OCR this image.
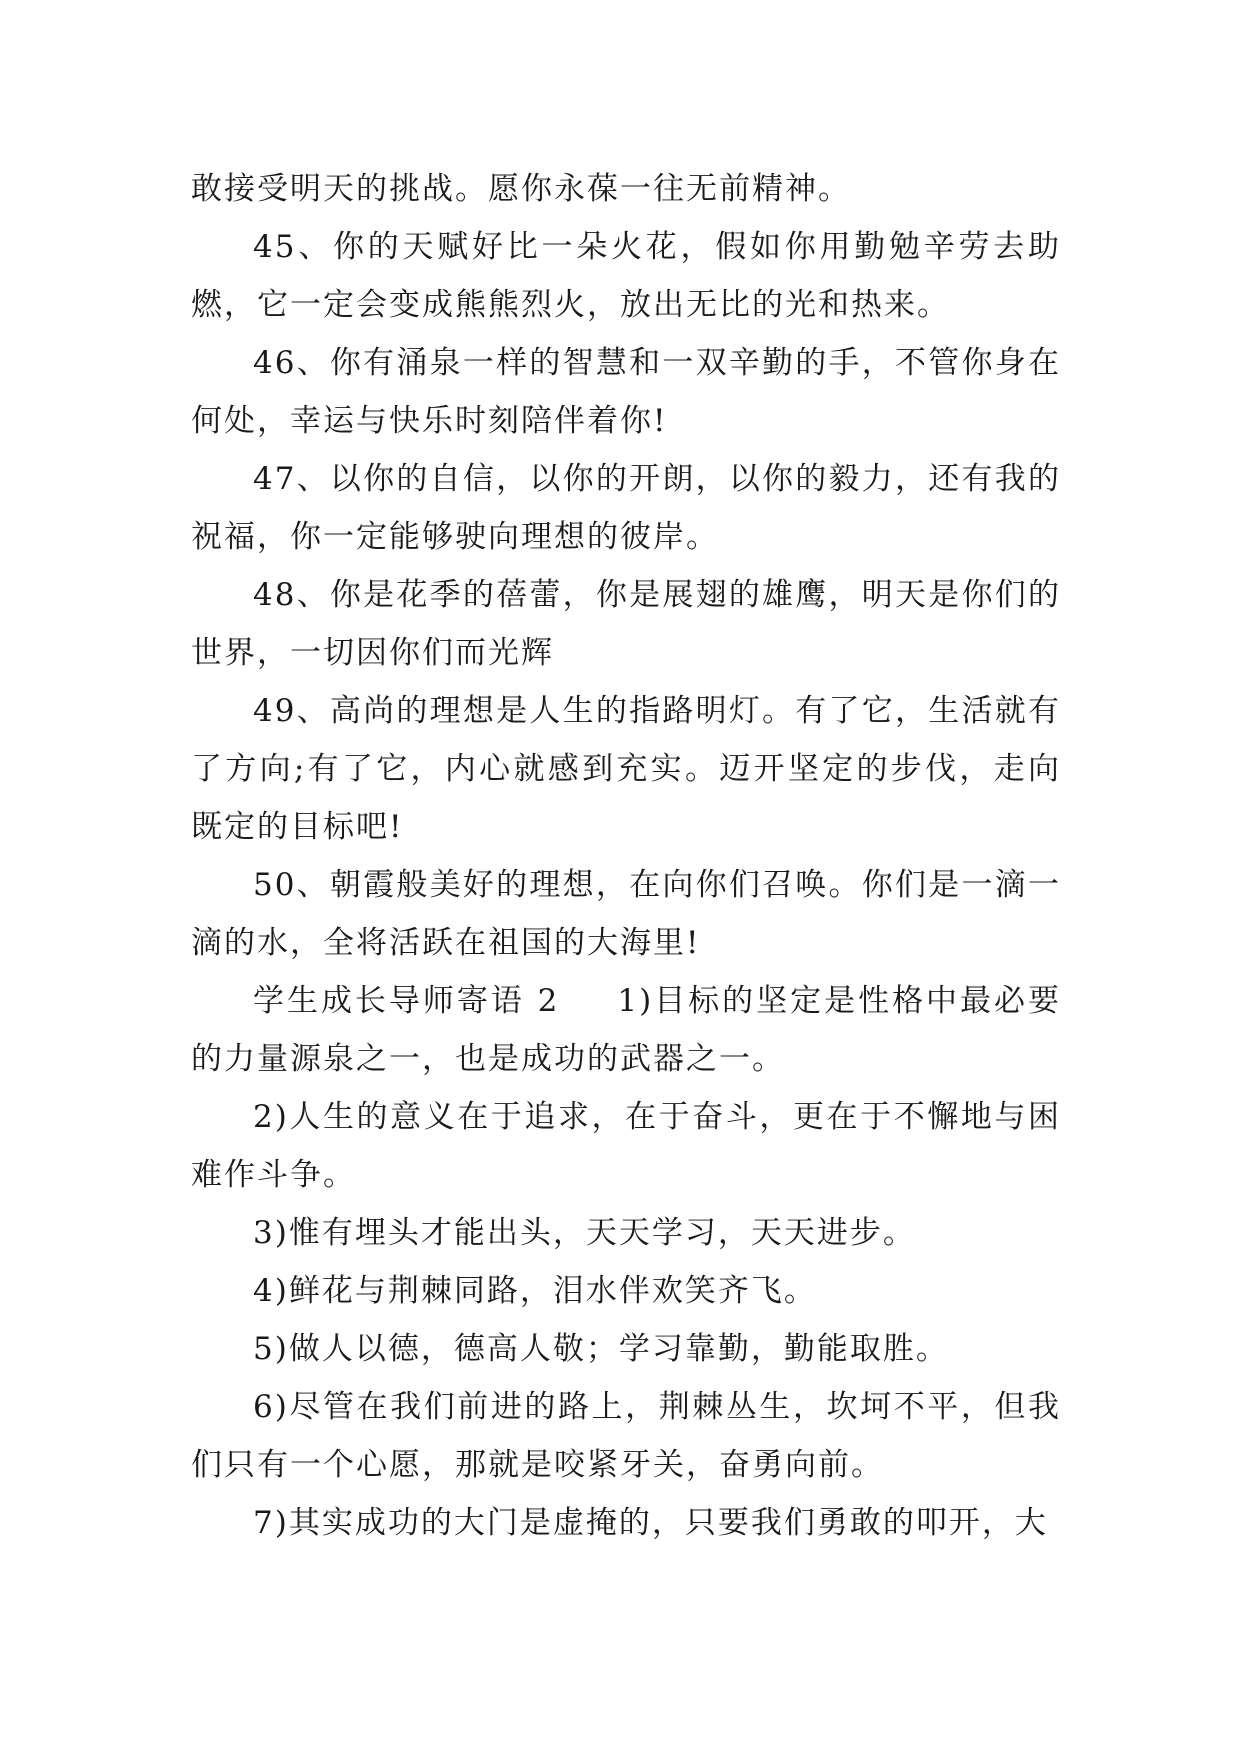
敢接受明天的挑战。愿你永葆一往无前精神。

45、你的天赋好比一朵火花，假如你用勤勉辛劳去助燃，它一定会变成熊熊烈火，放出无比的光和热来。

46、你有涌泉一样的智慧和一双辛勤的手，不管你身在何处，幸运与快乐时刻陪伴着你!

47、以你的自信，以你的开朗，以你的毅力，还有我的祝福，你一定能够驶向理想的彼岸。

48、你是花季的蓓蕾，你是展翅的雄鹰，明天是你们的世界，一切因你们而光辉

49、高尚的理想是人生的指路明灯。有了它，生活就有了方向;有了它，内心就感到充实。迈开坚定的步伐，走向既定的目标吧!

50、朝霞般美好的理想，在向你们召唤。你们是一滴一滴的水，全将活跃在祖国的大海里!

学生成长导师寄语 2 1)目标的坚定是性格中最必要的力量源泉之一，也是成功的武器之一。

2)人生的意义在于追求，在于奋斗，更在于不懈地与困难作斗争。

3)惟有埋头才能出头，天天学习，天天进步。

4)鲜花与荆棘同路，泪水伴欢笑齐飞。

5)做人以德，德高人敬；学习靠勤，勤能取胜。

6)尽管在我们前进的路上，荆棘丛生，坎坷不平，但我们只有一个心愿，那就是咬紧牙关，奋勇向前。

7)其实成功的大门是虚掩的，只要我们勇敢的叩开，大
